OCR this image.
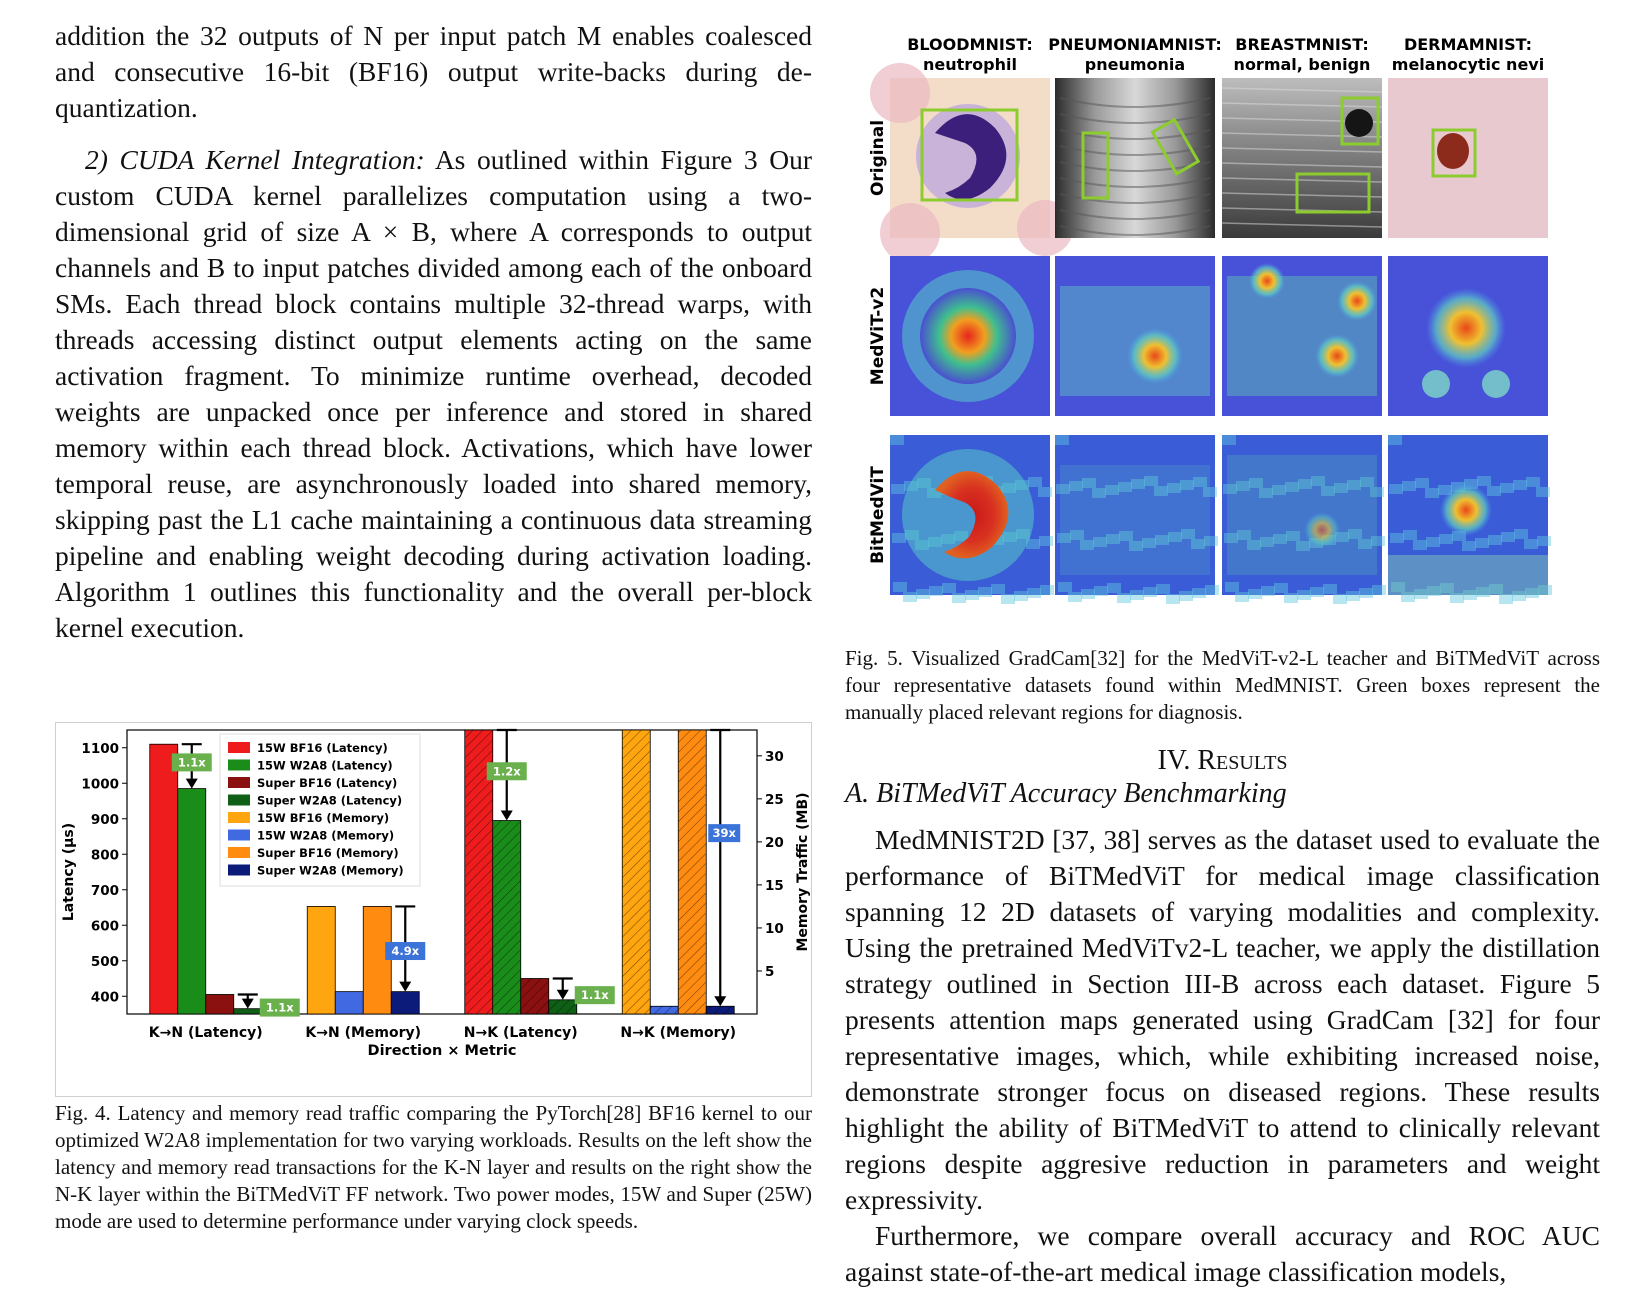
addition the 32 outputs of N per input patch M enables coalesced and consecutive 16-bit (BF16) output write-backs during de-quantization.

2) CUDA Kernel Integration: As outlined within Figure 3 Our custom CUDA kernel parallelizes computation using a two-dimensional grid of size A × B, where A corresponds to output channels and B to input patches divided among each of the onboard SMs. Each thread block contains multiple 32-thread warps, with threads accessing distinct output elements acting on the same activation fragment. To minimize runtime overhead, decoded weights are unpacked once per inference and stored in shared memory within each thread block. Activations, which have lower temporal reuse, are asynchronously loaded into shared memory, skipping past the L1 cache maintaining a continuous data streaming pipeline and enabling weight decoding during activation loading. Algorithm 1 outlines this functionality and the overall per-block kernel execution.

400
500
600
700
800
900
1000
1100
5
10
15
20
25
30
Latency (µs)	Memory Traffic (MB)
Direction × Metric
K→N (Latency)	K→N (Memory)	N→K (Latency)	N→K (Memory)
1.1x
1.1x
4.9x
1.2x
1.1x
39x
15W BF16 (Latency)
15W W2A8 (Latency)
Super BF16 (Latency)
Super W2A8 (Latency)
15W BF16 (Memory)
15W W2A8 (Memory)
Super BF16 (Memory)
Super W2A8 (Memory)

Fig. 4. Latency and memory read traffic comparing the PyTorch[28] BF16 kernel to our optimized W2A8 implementation for two varying workloads. Results on the left show the latency and memory read transactions for the K-N layer and results on the right show the N-K layer within the BiTMedViT FF network. Two power modes, 15W and Super (25W) mode are used to determine performance under varying clock speeds.

BLOODMNIST:
neutrophil
PNEUMONIAMNIST:
pneumonia
BREASTMNIST:
normal, benign
DERMAMNIST:
melanocytic nevi
Original
MedViT-v2
BitMedViT

Fig. 5. Visualized GradCam[32] for the MedViT-v2-L teacher and BiTMedViT across four representative datasets found within MedMNIST. Green boxes represent the manually placed relevant regions for diagnosis.

IV. Results
A. BiTMedViT Accuracy Benchmarking

MedMNIST2D [37, 38] serves as the dataset used to evaluate the performance of BiTMedViT for medical image classification spanning 12 2D datasets of varying modalities and complexity. Using the pretrained MedViTv2-L teacher, we apply the distillation strategy outlined in Section III-B across each dataset. Figure 5 presents attention maps generated using GradCam [32] for four representative images, which, while exhibiting increased noise, demonstrate stronger focus on diseased regions. These results highlight the ability of BiTMedViT to attend to clinically relevant regions despite aggresive reduction in parameters and weight expressivity.

Furthermore, we compare overall accuracy and ROC AUC against state-of-the-art medical image classification models,
